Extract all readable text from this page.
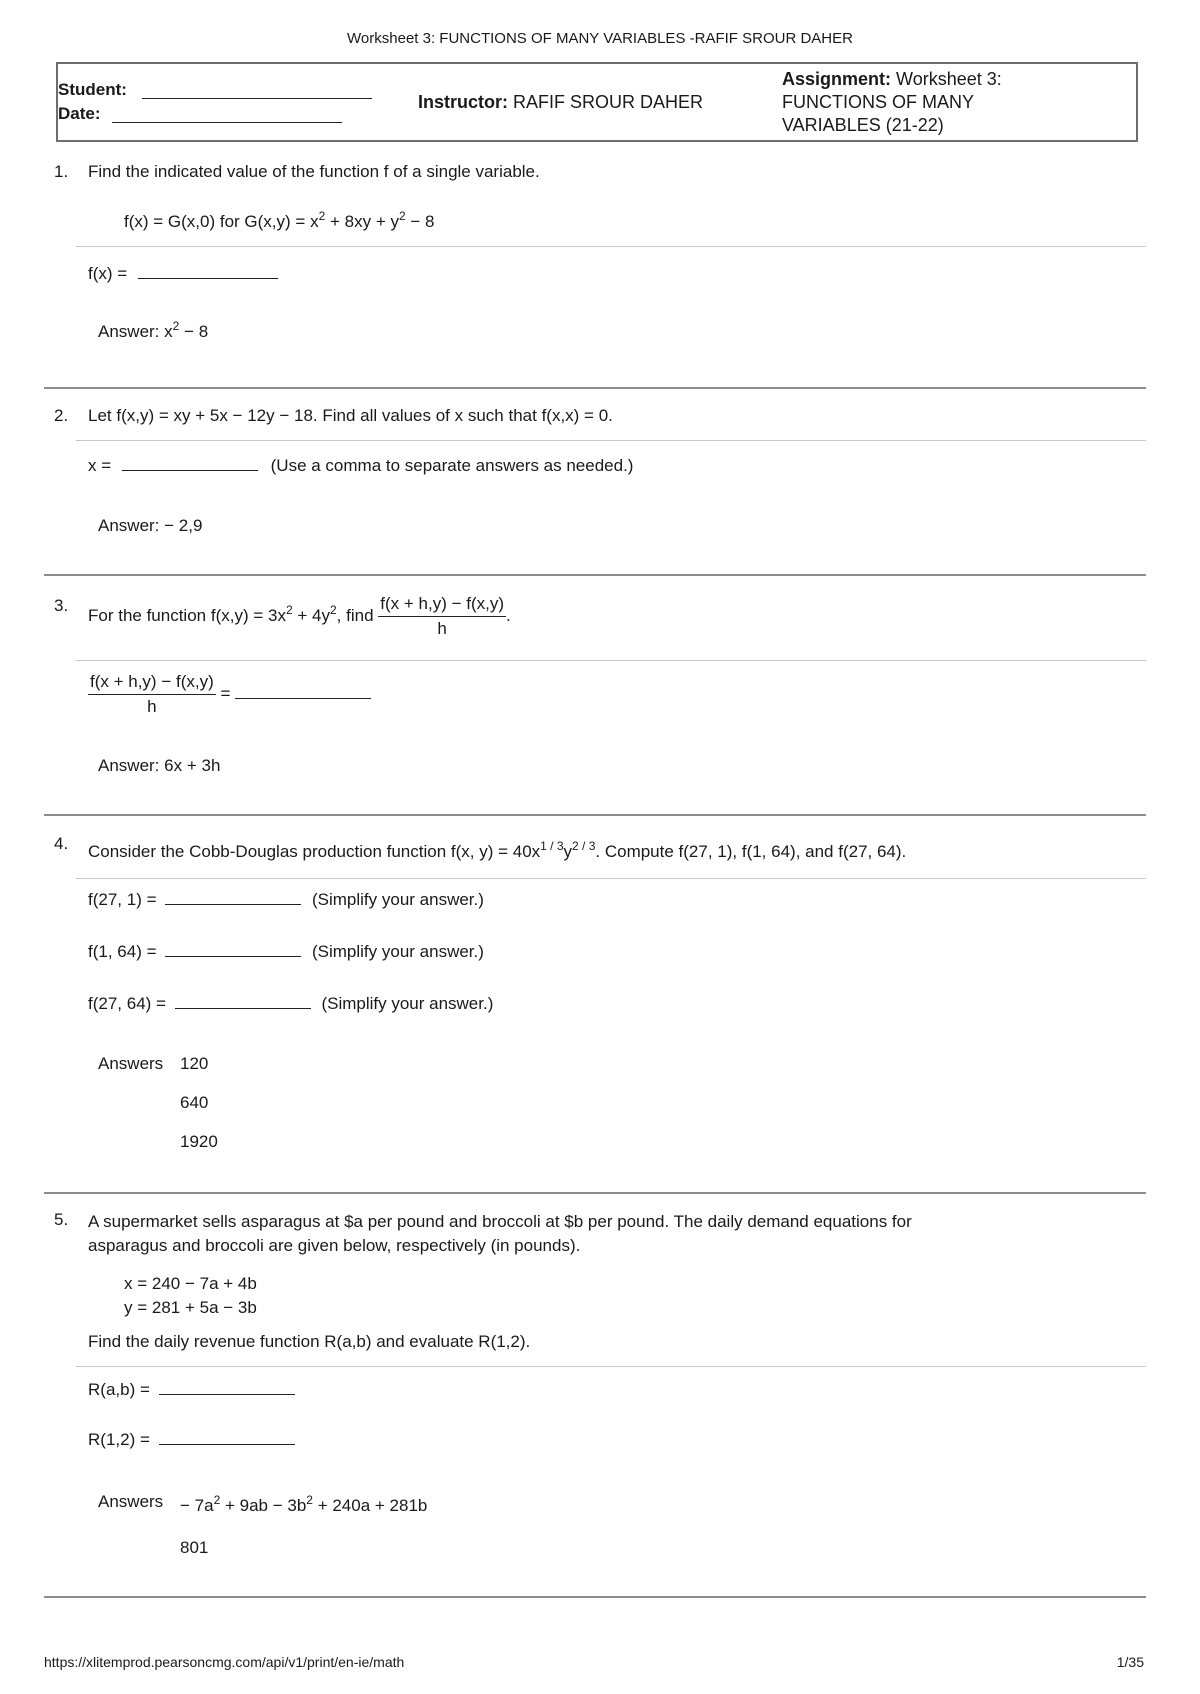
Worksheet 3: FUNCTIONS OF MANY VARIABLES -RAFIF SROUR DAHER
Student:
Date:
Instructor: RAFIF SROUR DAHER
Assignment: Worksheet 3:
FUNCTIONS OF MANY
VARIABLES (21-22)
1. Find the indicated value of the function f of a single variable.
f(x) = G(x,0) for $G(x,y) = x^2 + 8xy + y^2 - 8$
f(x) =
Answer: $x^2 - 8$
2. Let f(x,y) = xy + 5x − 12y − 18. Find all values of x such that f(x,x) = 0.
x =	(Use a comma to separate answers as needed.)
Answer: − 2,9
3.
For the function $f(x,y) = 3x^2 + 4y^2$, find $\frac{f(x + h,y) - f(x,y)}{h}$ .
$\frac{f(x + h,y) - f(x,y)}{h}$ =
Answer: 6x + 3h
4. Consider the Cobb-Douglas production function f(x, $y) = 40x^{1 / 3}y^{2 / 3}$. Compute f(27, 1), f(1, 64), and f(27, 64).
f(27, 1) =	(Simplify your answer.)
f(1, 64) =	(Simplify your answer.)
f(27, 64) =	(Simplify your answer.)
Answers 120
640
1920
5. A supermarket sells asparagus at $a per pound and broccoli at $b per pound. The daily demand equations for
asparagus and broccoli are given below, respectively (in pounds).
x = 240 − 7a + 4b
y = 281 + 5a − 3b
Find the daily revenue function R(a,b) and evaluate R(1,2).
R(a,b) =
R(1,2) =
Answers − $7a^2 + 9ab - 3b^2 + 240a + 281b$
801
https://xlitemprod.pearsoncmg.com/api/v1/print/en-ie/math	1/35
